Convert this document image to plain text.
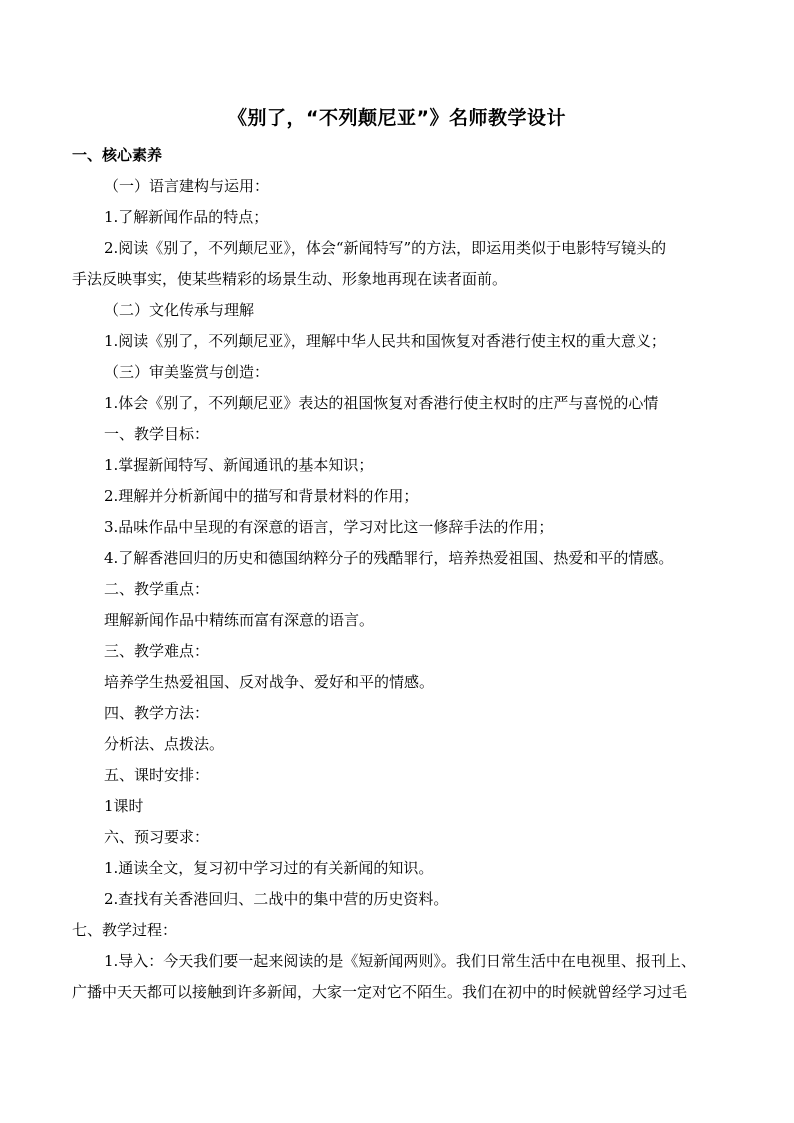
《别了，“不列颠尼亚”》名师教学设计
一、核心素养
（一）语言建构与运用：
1.了解新闻作品的特点；
2.阅读《别了，不列颠尼亚》，体会“新闻特写”的方法，即运用类似于电影特写镜头的
手法反映事实，使某些精彩的场景生动、形象地再现在读者面前。
（二）文化传承与理解
1.阅读《别了，不列颠尼亚》，理解中华人民共和国恢复对香港行使主权的重大意义；
（三）审美鉴赏与创造：
1.体会《别了，不列颠尼亚》表达的祖国恢复对香港行使主权时的庄严与喜悦的心情
一、教学目标：
1.掌握新闻特写、新闻通讯的基本知识；
2.理解并分析新闻中的描写和背景材料的作用；
3.品味作品中呈现的有深意的语言，学习对比这一修辞手法的作用；
4.了解香港回归的历史和德国纳粹分子的残酷罪行，培养热爱祖国、热爱和平的情感。
二、教学重点：
理解新闻作品中精练而富有深意的语言。
三、教学难点：
培养学生热爱祖国、反对战争、爱好和平的情感。
四、教学方法：
分析法、点拨法。
五、课时安排：
1课时
六、预习要求：
1.通读全文，复习初中学习过的有关新闻的知识。
2.查找有关香港回归、二战中的集中营的历史资料。
七、教学过程：
1.导入：今天我们要一起来阅读的是《短新闻两则》。我们日常生活中在电视里、报刊上、
广播中天天都可以接触到许多新闻，大家一定对它不陌生。我们在初中的时候就曾经学习过毛
